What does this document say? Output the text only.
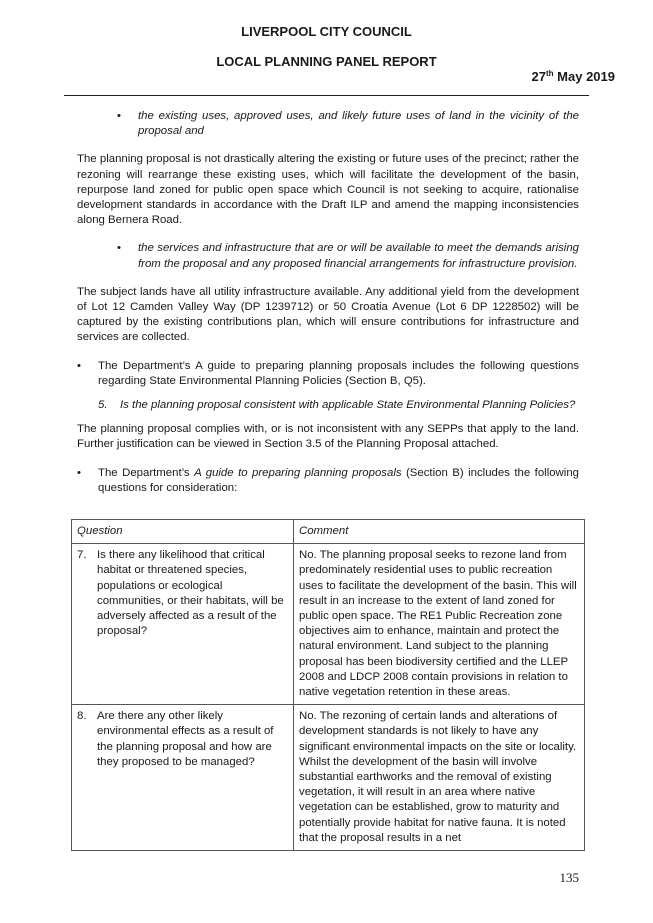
LIVERPOOL CITY COUNCIL
LOCAL PLANNING PANEL REPORT
27th May 2019
• the existing uses, approved uses, and likely future uses of land in the vicinity of the proposal and

The planning proposal is not drastically altering the existing or future uses of the precinct; rather the rezoning will rearrange these existing uses, which will facilitate the development of the basin, repurpose land zoned for public open space which Council is not seeking to acquire, rationalise development standards in accordance with the Draft ILP and amend the mapping inconsistencies along Bernera Road.

• the services and infrastructure that are or will be available to meet the demands arising from the proposal and any proposed financial arrangements for infrastructure provision.

The subject lands have all utility infrastructure available. Any additional yield from the development of Lot 12 Camden Valley Way (DP 1239712) or 50 Croatia Avenue (Lot 6 DP 1228502) will be captured by the existing contributions plan, which will ensure contributions for infrastructure and services are collected.

• The Department’s A guide to preparing planning proposals includes the following questions regarding State Environmental Planning Policies (Section B, Q5).
5. Is the planning proposal consistent with applicable State Environmental Planning Policies?

The planning proposal complies with, or is not inconsistent with any SEPPs that apply to the land. Further justification can be viewed in Section 3.5 of the Planning Proposal attached.

• The Department’s A guide to preparing planning proposals (Section B) includes the following questions for consideration:
Question	Comment
7. Is there any likelihood that critical habitat or threatened species, populations or ecological communities, or their habitats, will be adversely affected as a result of the proposal?	No. The planning proposal seeks to rezone land from predominately residential uses to public recreation uses to facilitate the development of the basin. This will result in an increase to the extent of land zoned for public open space. The RE1 Public Recreation zone objectives aim to enhance, maintain and protect the natural environment. Land subject to the planning proposal has been biodiversity certified and the LLEP 2008 and LDCP 2008 contain provisions in relation to native vegetation retention in these areas.
8. Are there any other likely environmental effects as a result of the planning proposal and how are they proposed to be managed?	No. The rezoning of certain lands and alterations of development standards is not likely to have any significant environmental impacts on the site or locality. Whilst the development of the basin will involve substantial earthworks and the removal of existing vegetation, it will result in an area where native vegetation can be established, grow to maturity and potentially provide habitat for native fauna. It is noted that the proposal results in a net
135
